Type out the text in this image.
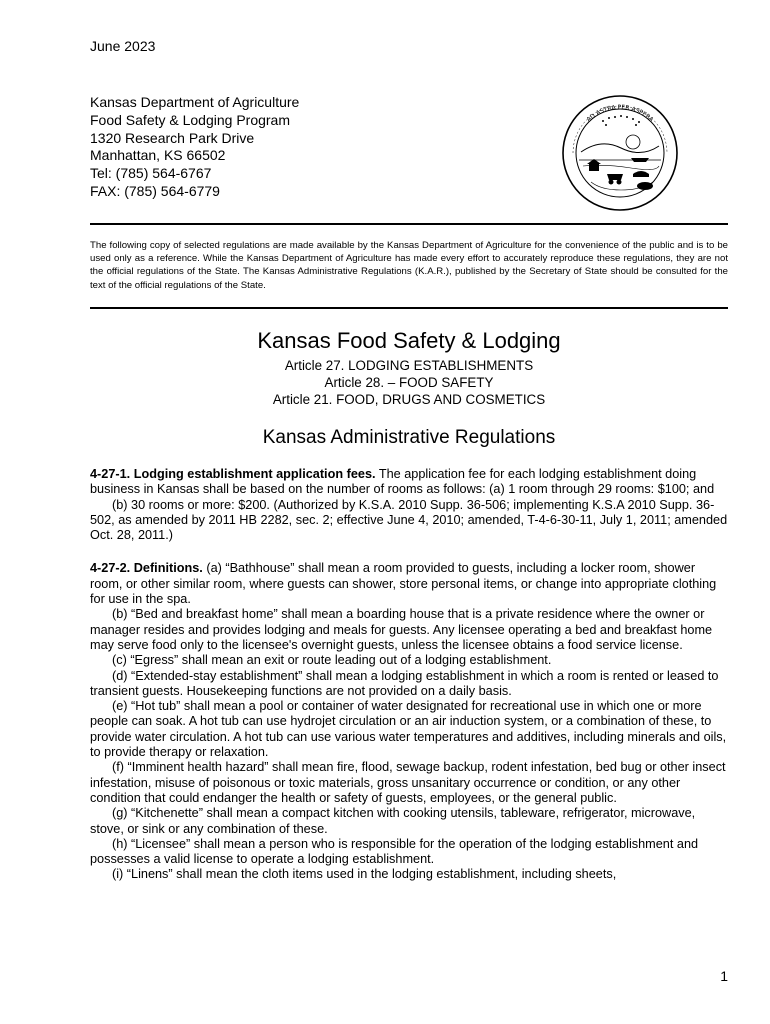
June 2023
Kansas Department of Agriculture
Food Safety & Lodging Program
1320 Research Park Drive
Manhattan, KS 66502
Tel: (785) 564-6767
FAX: (785) 564-6779
AD ASTRA PER ASPERA
The following copy of selected regulations are made available by the Kansas Department of Agriculture for the convenience of the public and is to be used only as a reference. While the Kansas Department of Agriculture has made every effort to accurately reproduce these regulations, they are not the official regulations of the State. The Kansas Administrative Regulations (K.A.R.), published by the Secretary of State should be consulted for the text of the official regulations of the State.
Kansas Food Safety & Lodging
Article 27. LODGING ESTABLISHMENTS
Article 28. – FOOD SAFETY
Article 21. FOOD, DRUGS AND COSMETICS
Kansas Administrative Regulations

4-27-1. Lodging establishment application fees. The application fee for each lodging establishment doing business in Kansas shall be based on the number of rooms as follows: (a) 1 room through 29 rooms: $100; and

(b) 30 rooms or more: $200. (Authorized by K.S.A. 2010 Supp. 36-506; implementing K.S.A 2010 Supp. 36-502, as amended by 2011 HB 2282, sec. 2; effective June 4, 2010; amended, T-4-6-30-11, July 1, 2011; amended Oct. 28, 2011.)

4-27-2. Definitions. (a) “Bathhouse” shall mean a room provided to guests, including a locker room, shower room, or other similar room, where guests can shower, store personal items, or change into appropriate clothing for use in the spa.

(b) “Bed and breakfast home” shall mean a boarding house that is a private residence where the owner or manager resides and provides lodging and meals for guests. Any licensee operating a bed and breakfast home may serve food only to the licensee's overnight guests, unless the licensee obtains a food service license.

(c) “Egress” shall mean an exit or route leading out of a lodging establishment.

(d) “Extended-stay establishment” shall mean a lodging establishment in which a room is rented or leased to transient guests. Housekeeping functions are not provided on a daily basis.

(e) “Hot tub” shall mean a pool or container of water designated for recreational use in which one or more people can soak. A hot tub can use hydrojet circulation or an air induction system, or a combination of these, to provide water circulation. A hot tub can use various water temperatures and additives, including minerals and oils, to provide therapy or relaxation.

(f) “Imminent health hazard” shall mean fire, flood, sewage backup, rodent infestation, bed bug or other insect infestation, misuse of poisonous or toxic materials, gross unsanitary occurrence or condition, or any other condition that could endanger the health or safety of guests, employees, or the general public.

(g) “Kitchenette” shall mean a compact kitchen with cooking utensils, tableware, refrigerator, microwave, stove, or sink or any combination of these.

(h) “Licensee” shall mean a person who is responsible for the operation of the lodging establishment and possesses a valid license to operate a lodging establishment.

(i) “Linens” shall mean the cloth items used in the lodging establishment, including sheets,

1
